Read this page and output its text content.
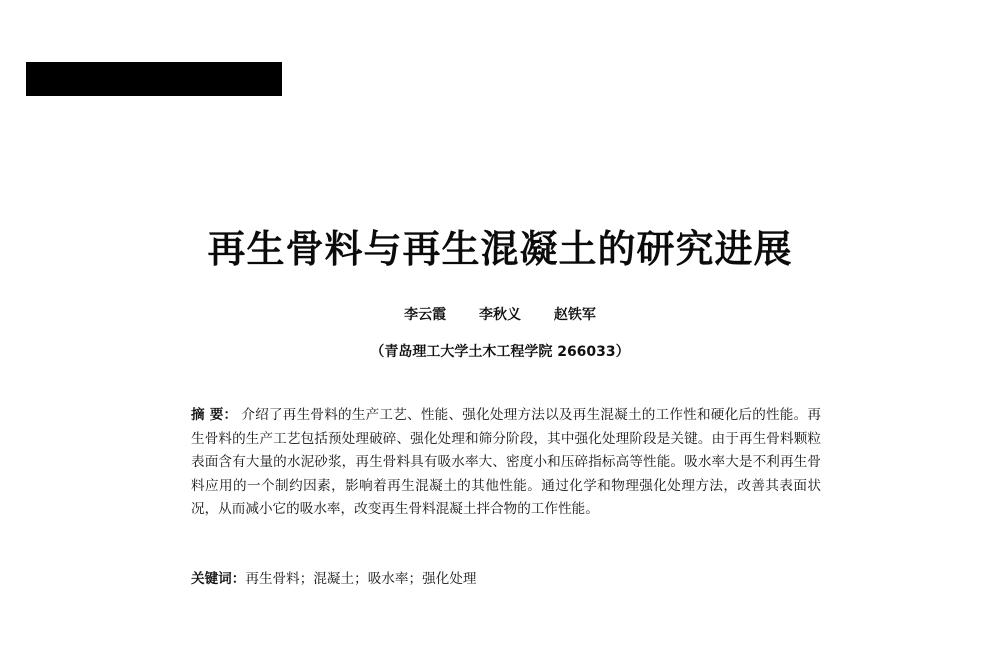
再生骨料与再生混凝土的研究进展
李云霞 李秋义 赵铁军
（青岛理工大学土木工程学院 266033）
摘 要： 介绍了再生骨料的生产工艺、性能、强化处理方法以及再生混凝土的工作性和硬化后的性能。再生骨料的生产工艺包括预处理破碎、强化处理和筛分阶段，其中强化处理阶段是关键。由于再生骨料颗粒表面含有大量的水泥砂浆，再生骨料具有吸水率大、密度小和压碎指标高等性能。吸水率大是不利再生骨料应用的一个制约因素，影响着再生混凝土的其他性能。通过化学和物理强化处理方法，改善其表面状况，从而减小它的吸水率，改变再生骨料混凝土拌合物的工作性能。
关键词：再生骨料；混凝土；吸水率；强化处理
